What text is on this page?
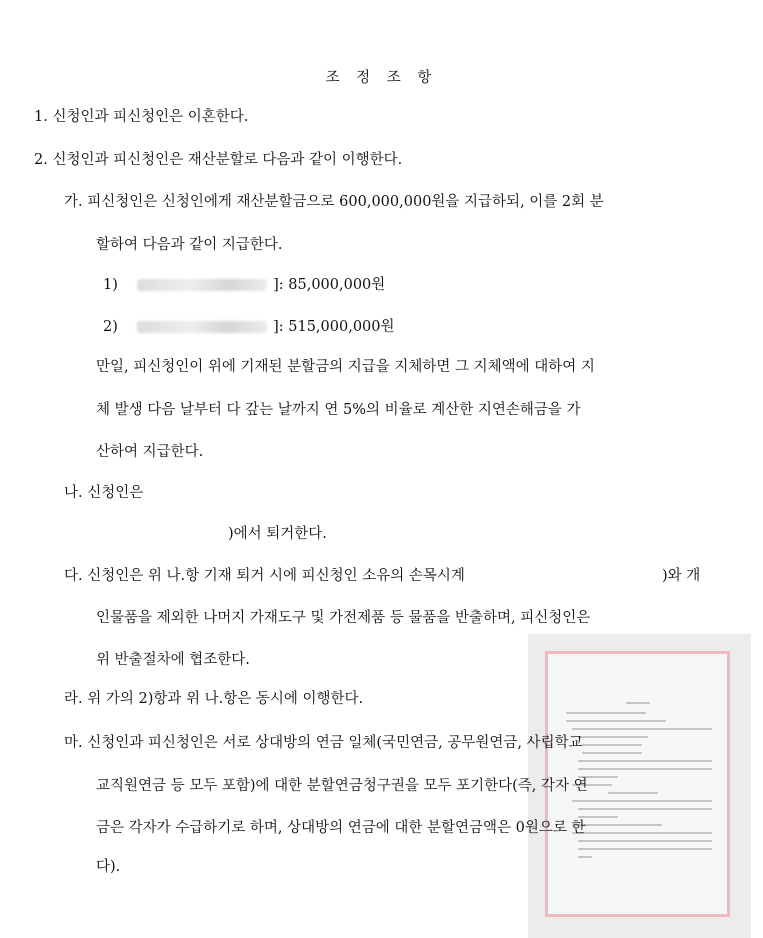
조 정 조 항
1. 신청인과 피신청인은 이혼한다.
2. 신청인과 피신청인은 재산분할로 다음과 같이 이행한다.
가. 피신청인은 신청인에게 재산분할금으로 600,000,000원을 지급하되, 이를 2회 분
할하여 다음과 같이 지급한다.
1)	]: 85,000,000원
2)	]: 515,000,000원
만일, 피신청인이 위에 기재된 분할금의 지급을 지체하면 그 지체액에 대하여 지
체 발생 다음 날부터 다 갚는 날까지 연 5%의 비율로 계산한 지연손해금을 가
산하여 지급한다.
나. 신청인은
)에서 퇴거한다.
다. 신청인은 위 나.항 기재 퇴거 시에 피신청인 소유의 손목시계	)와 개
인물품을 제외한 나머지 가재도구 및 가전제품 등 물품을 반출하며, 피신청인은
위 반출절차에 협조한다.
라. 위 가의 2)항과 위 나.항은 동시에 이행한다.
마. 신청인과 피신청인은 서로 상대방의 연금 일체(국민연금, 공무원연금, 사립학교
교직원연금 등 모두 포함)에 대한 분할연금청구권을 모두 포기한다(즉, 각자 연
금은 각자가 수급하기로 하며, 상대방의 연금에 대한 분할연금액은 0원으로 한
다).
